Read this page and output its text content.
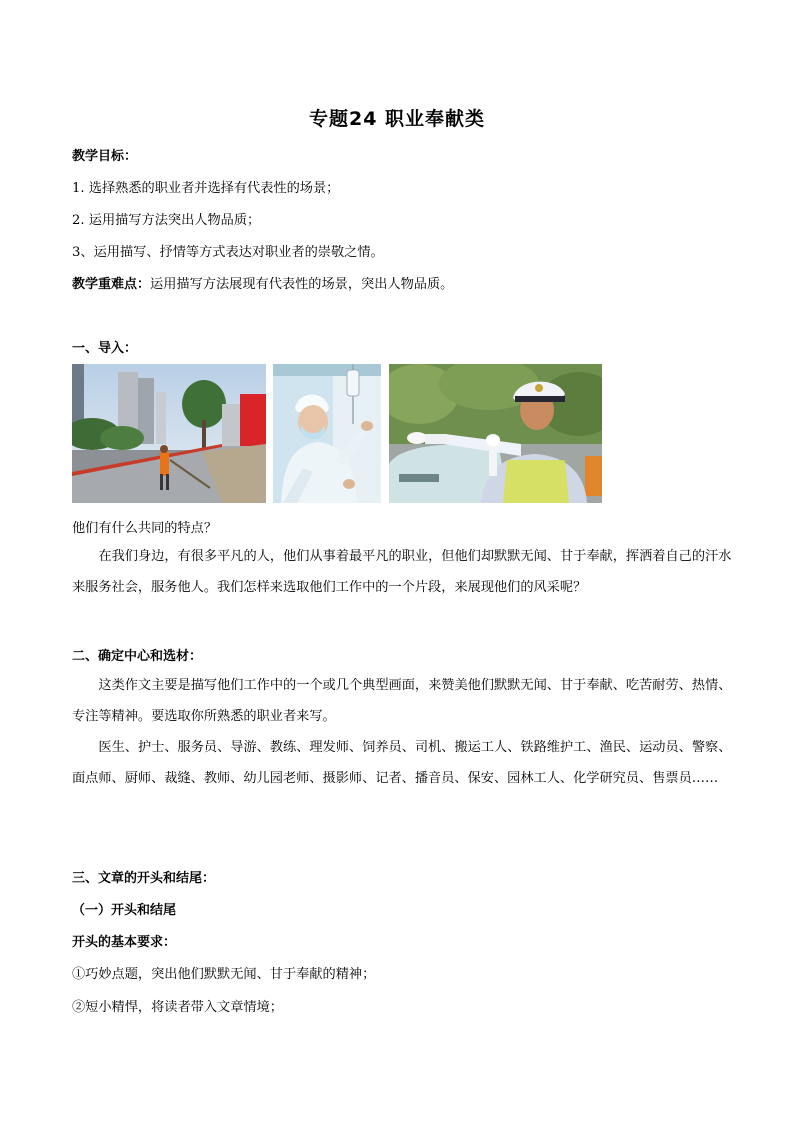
专题24 职业奉献类
教学目标：
1. 选择熟悉的职业者并选择有代表性的场景；
2. 运用描写方法突出人物品质；
3、运用描写、抒情等方式表达对职业者的崇敬之情。
教学重难点：运用描写方法展现有代表性的场景，突出人物品质。
一、导入：
他们有什么共同的特点？
在我们身边，有很多平凡的人，他们从事着最平凡的职业，但他们却默默无闻、甘于奉献，挥洒着自己的汗水来服务社会，服务他人。我们怎样来选取他们工作中的一个片段，来展现他们的风采呢？
二、确定中心和选材：
这类作文主要是描写他们工作中的一个或几个典型画面，来赞美他们默默无闻、甘于奉献、吃苦耐劳、热情、专注等精神。要选取你所熟悉的职业者来写。
医生、护士、服务员、导游、教练、理发师、饲养员、司机、搬运工人、铁路维护工、渔民、运动员、警察、面点师、厨师、裁缝、教师、幼儿园老师、摄影师、记者、播音员、保安、园林工人、化学研究员、售票员……
三、文章的开头和结尾：
（一）开头和结尾
开头的基本要求：
①巧妙点题，突出他们默默无闻、甘于奉献的精神；
②短小精悍，将读者带入文章情境；
